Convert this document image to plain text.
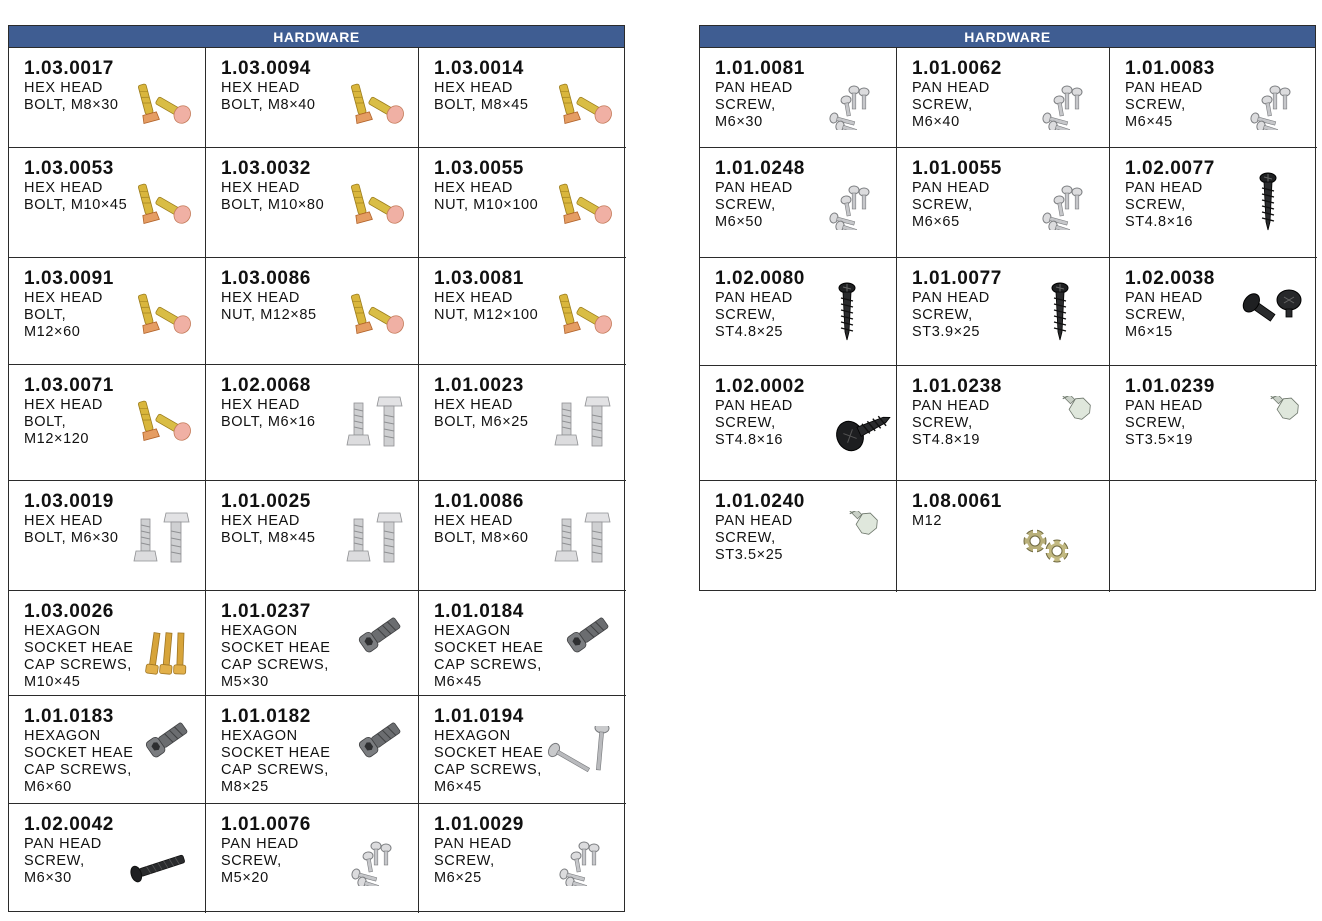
HARDWARE
1.03.0017
HEX HEAD
BOLT, M8×30
1.03.0094
HEX HEAD
BOLT, M8×40
1.03.0014
HEX HEAD
BOLT, M8×45
1.03.0053
HEX HEAD
BOLT, M10×45
1.03.0032
HEX HEAD
BOLT, M10×80
1.03.0055
HEX HEAD
NUT, M10×100
1.03.0091
HEX HEAD
BOLT,
M12×60
1.03.0086
HEX HEAD
NUT, M12×85
1.03.0081
HEX HEAD
NUT, M12×100
1.03.0071
HEX HEAD
BOLT,
M12×120
1.02.0068
HEX HEAD
BOLT, M6×16
1.01.0023
HEX HEAD
BOLT, M6×25
1.03.0019
HEX HEAD
BOLT, M6×30
1.01.0025
HEX HEAD
BOLT, M8×45
1.01.0086
HEX HEAD
BOLT, M8×60
1.03.0026
HEXAGON
SOCKET HEAE
CAP SCREWS,
M10×45
1.01.0237
HEXAGON
SOCKET HEAE
CAP SCREWS,
M5×30
1.01.0184
HEXAGON
SOCKET HEAE
CAP SCREWS,
M6×45
1.01.0183
HEXAGON
SOCKET HEAE
CAP SCREWS,
M6×60
1.01.0182
HEXAGON
SOCKET HEAE
CAP SCREWS,
M8×25
1.01.0194
HEXAGON
SOCKET HEAE
CAP SCREWS,
M6×45
1.02.0042
PAN HEAD
SCREW,
M6×30
1.01.0076
PAN HEAD
SCREW,
M5×20
1.01.0029
PAN HEAD
SCREW,
M6×25
HARDWARE
1.01.0081
PAN HEAD
SCREW,
M6×30
1.01.0062
PAN HEAD
SCREW,
M6×40
1.01.0083
PAN HEAD
SCREW,
M6×45
1.01.0248
PAN HEAD
SCREW,
M6×50
1.01.0055
PAN HEAD
SCREW,
M6×65
1.02.0077
PAN HEAD
SCREW,
ST4.8×16
1.02.0080
PAN HEAD
SCREW,
ST4.8×25
1.01.0077
PAN HEAD
SCREW,
ST3.9×25
1.02.0038
PAN HEAD
SCREW,
M6×15
1.02.0002
PAN HEAD
SCREW,
ST4.8×16
1.01.0238
PAN HEAD
SCREW,
ST4.8×19
1.01.0239
PAN HEAD
SCREW,
ST3.5×19
1.01.0240
PAN HEAD
SCREW,
ST3.5×25
1.08.0061
M12
